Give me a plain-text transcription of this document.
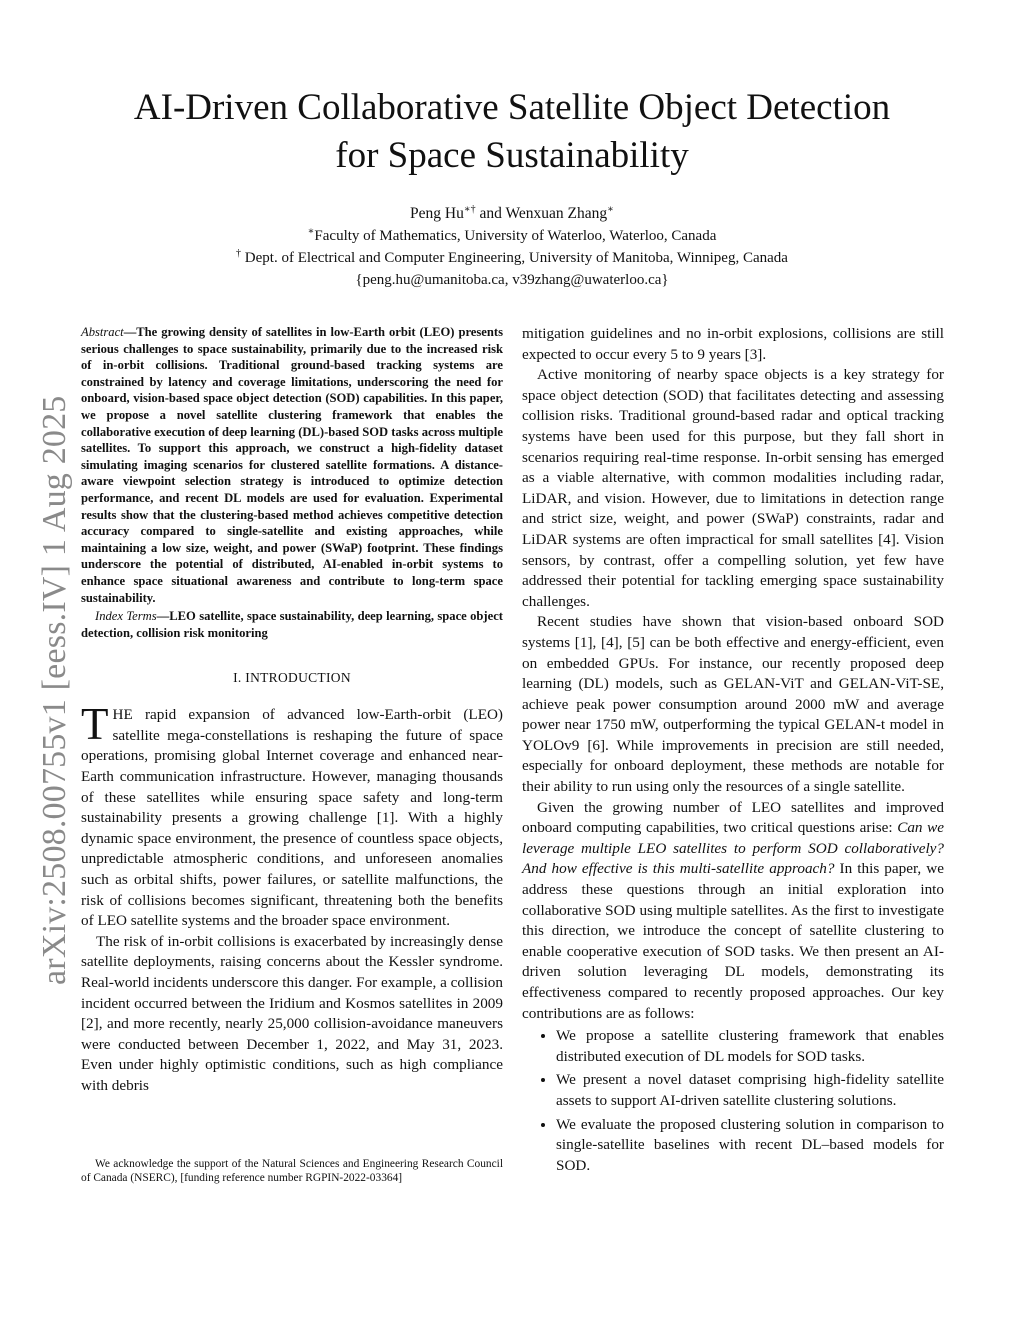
arXiv:2508.00755v1 [eess.IV] 1 Aug 2025
AI-Driven Collaborative Satellite Object Detection
for Space Sustainability
Peng Hu∗† and Wenxuan Zhang∗
∗Faculty of Mathematics, University of Waterloo, Waterloo, Canada
† Dept. of Electrical and Computer Engineering, University of Manitoba, Winnipeg, Canada
{peng.hu@umanitoba.ca, v39zhang@uwaterloo.ca}

Abstract—The growing density of satellites in low-Earth orbit (LEO) presents serious challenges to space sustainability, primarily due to the increased risk of in-orbit collisions. Traditional ground-based tracking systems are constrained by latency and coverage limitations, underscoring the need for onboard, vision-based space object detection (SOD) capabilities. In this paper, we propose a novel satellite clustering framework that enables the collaborative execution of deep learning (DL)-based SOD tasks across multiple satellites. To support this approach, we construct a high-fidelity dataset simulating imaging scenarios for clustered satellite formations. A distance-aware viewpoint selection strategy is introduced to optimize detection performance, and recent DL models are used for evaluation. Experimental results show that the clustering-based method achieves competitive detection accuracy compared to single-satellite and existing approaches, while maintaining a low size, weight, and power (SWaP) footprint. These findings underscore the potential of distributed, AI-enabled in-orbit systems to enhance space situational awareness and contribute to long-term space sustainability.

Index Terms—LEO satellite, space sustainability, deep learning, space object detection, collision risk monitoring

I. INTRODUCTION

THE rapid expansion of advanced low-Earth-orbit (LEO) satellite mega-constellations is reshaping the future of space operations, promising global Internet coverage and enhanced near-Earth communication infrastructure. However, managing thousands of these satellites while ensuring space safety and long-term sustainability presents a growing challenge [1]. With a highly dynamic space environment, the presence of countless space objects, unpredictable atmospheric conditions, and unforeseen anomalies such as orbital shifts, power failures, or satellite malfunctions, the risk of collisions becomes significant, threatening both the benefits of LEO satellite systems and the broader space environment.

The risk of in-orbit collisions is exacerbated by increasingly dense satellite deployments, raising concerns about the Kessler syndrome. Real-world incidents underscore this danger. For example, a collision incident occurred between the Iridium and Kosmos satellites in 2009 [2], and more recently, nearly 25,000 collision-avoidance maneuvers were conducted between December 1, 2022, and May 31, 2023. Even under highly optimistic conditions, such as high compliance with debris

mitigation guidelines and no in-orbit explosions, collisions are still expected to occur every 5 to 9 years [3].

Active monitoring of nearby space objects is a key strategy for space object detection (SOD) that facilitates detecting and assessing collision risks. Traditional ground-based radar and optical tracking systems have been used for this purpose, but they fall short in scenarios requiring real-time response. In-orbit sensing has emerged as a viable alternative, with common modalities including radar, LiDAR, and vision. However, due to limitations in detection range and strict size, weight, and power (SWaP) constraints, radar and LiDAR systems are often impractical for small satellites [4]. Vision sensors, by contrast, offer a compelling solution, yet few have addressed their potential for tackling emerging space sustainability challenges.

Recent studies have shown that vision-based onboard SOD systems [1], [4], [5] can be both effective and energy-efficient, even on embedded GPUs. For instance, our recently proposed deep learning (DL) models, such as GELAN-ViT and GELAN-ViT-SE, achieve peak power consumption around 2000 mW and average power near 1750 mW, outperforming the typical GELAN-t model in YOLOv9 [6]. While improvements in precision are still needed, especially for onboard deployment, these methods are notable for their ability to run using only the resources of a single satellite.

Given the growing number of LEO satellites and improved onboard computing capabilities, two critical questions arise: Can we leverage multiple LEO satellites to perform SOD collaboratively? And how effective is this multi-satellite approach? In this paper, we address these questions through an initial exploration into collaborative SOD using multiple satellites. As the first to investigate this direction, we introduce the concept of satellite clustering to enable cooperative execution of SOD tasks. We then present an AI-driven solution leveraging DL models, demonstrating its effectiveness compared to recently proposed approaches. Our key contributions are as follows:

• We propose a satellite clustering framework that enables distributed execution of DL models for SOD tasks.
• We present a novel dataset comprising high-fidelity satellite assets to support AI-driven satellite clustering solutions.
• We evaluate the proposed clustering solution in comparison to single-satellite baselines with recent DL–based models for SOD.

We acknowledge the support of the Natural Sciences and Engineering Research Council of Canada (NSERC), [funding reference number RGPIN-2022-03364]
